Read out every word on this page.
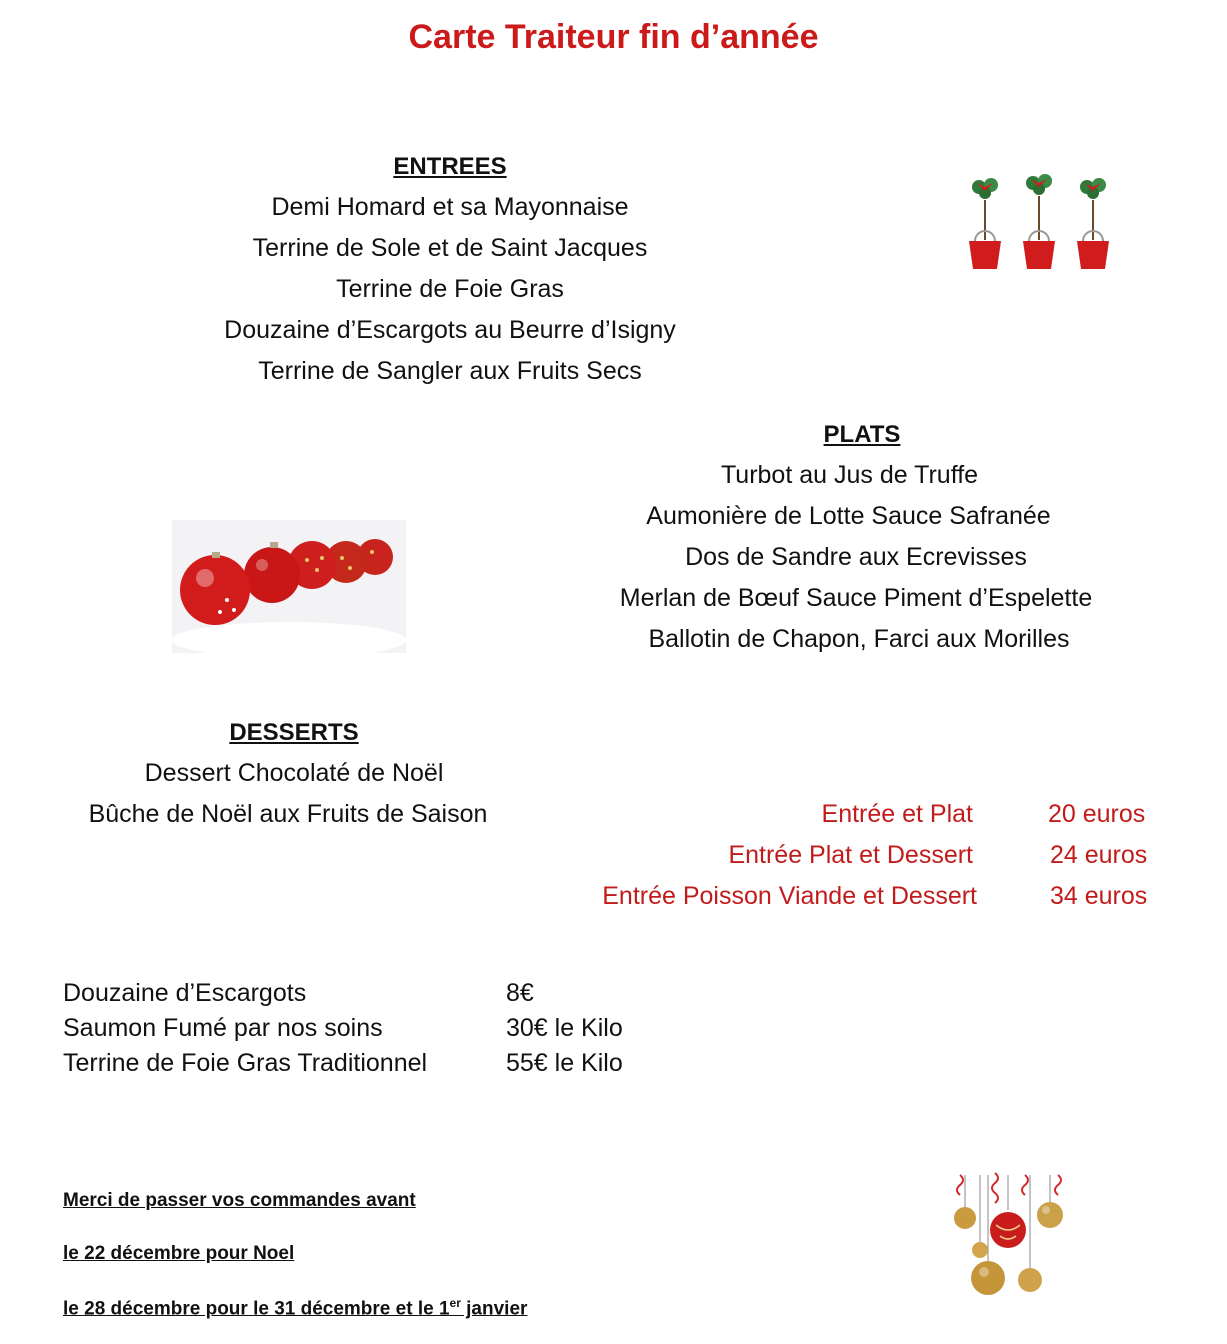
Carte Traiteur fin d’année
ENTREES
Demi Homard et sa Mayonnaise
Terrine de Sole et de Saint Jacques
Terrine de Foie Gras
Douzaine d’Escargots au Beurre d’Isigny
Terrine de Sangler aux Fruits Secs
PLATS
Turbot au Jus de Truffe
Aumonière de Lotte Sauce Safranée
Dos de Sandre aux Ecrevisses
Merlan de Bœuf Sauce Piment d’Espelette
Ballotin de Chapon, Farci aux Morilles
DESSERTS
Dessert Chocolaté de Noël
Bûche de Noël aux Fruits de Saison	Entrée et Plat	20 euros
Entrée Plat et Dessert	24 euros
Entrée Poisson Viande et Dessert	34 euros
Douzaine d’Escargots	8€
Saumon Fumé par nos soins	30€ le Kilo
Terrine de Foie Gras Traditionnel	55€ le Kilo
Merci de passer vos commandes avant
le 22 décembre pour Noel
le 28 décembre pour le 31 décembre et le 1er janvier
